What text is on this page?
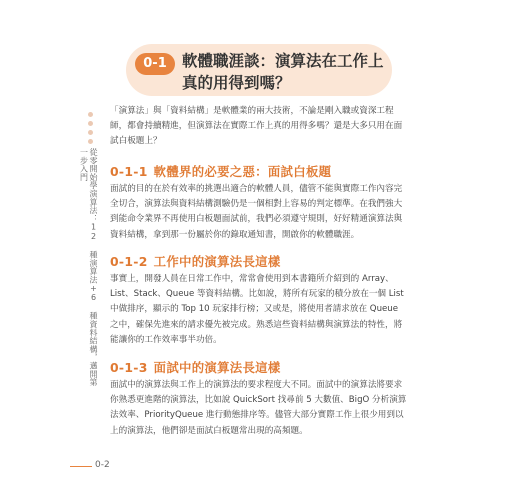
0-1 軟體職涯談：演算法在工作上真的用得到嗎？
從零開始學演算法：12 種演算法+6 種資料結構，邁開第一步入門
「演算法」與「資料結構」是軟體業的兩大技術，不論是剛入職或資深工程師，都會持續精進，但演算法在實際工作上真的用得多嗎？還是大多只用在面試白板題上？
0-1-1 軟體界的必要之惡：面試白板題
面試的目的在於有效率的挑選出適合的軟體人員，儘管不能與實際工作內容完全切合，演算法與資料結構測驗仍是一個相對上容易的判定標準。在我們強大到能命令業界不再使用白板題面試前，我們必須遵守規則，好好精通演算法與資料結構，拿到那一份屬於你的錄取通知書，開啟你的軟體職涯。
0-1-2 工作中的演算法長這樣
事實上，開發人員在日常工作中，常常會使用到本書籍所介紹到的 Array、List、Stack、Queue 等資料結構。比如說，將所有玩家的積分放在一個 List 中做排序，顯示的 Top 10 玩家排行榜；又或是，將使用者請求放在 Queue 之中，確保先進來的請求優先被完成。熟悉這些資料結構與演算法的特性，將能讓你的工作效率事半功倍。
0-1-3 面試中的演算法長這樣
面試中的演算法與工作上的演算法的要求程度大不同。面試中的演算法將要求你熟悉更進階的演算法，比如說 QuickSort 找尋前 5 大數值、BigO 分析演算法效率、PriorityQueue 進行動態排序等。儘管大部分實際工作上很少用到以上的演算法，他們卻是面試白板題常出現的高頻題。
0-2
